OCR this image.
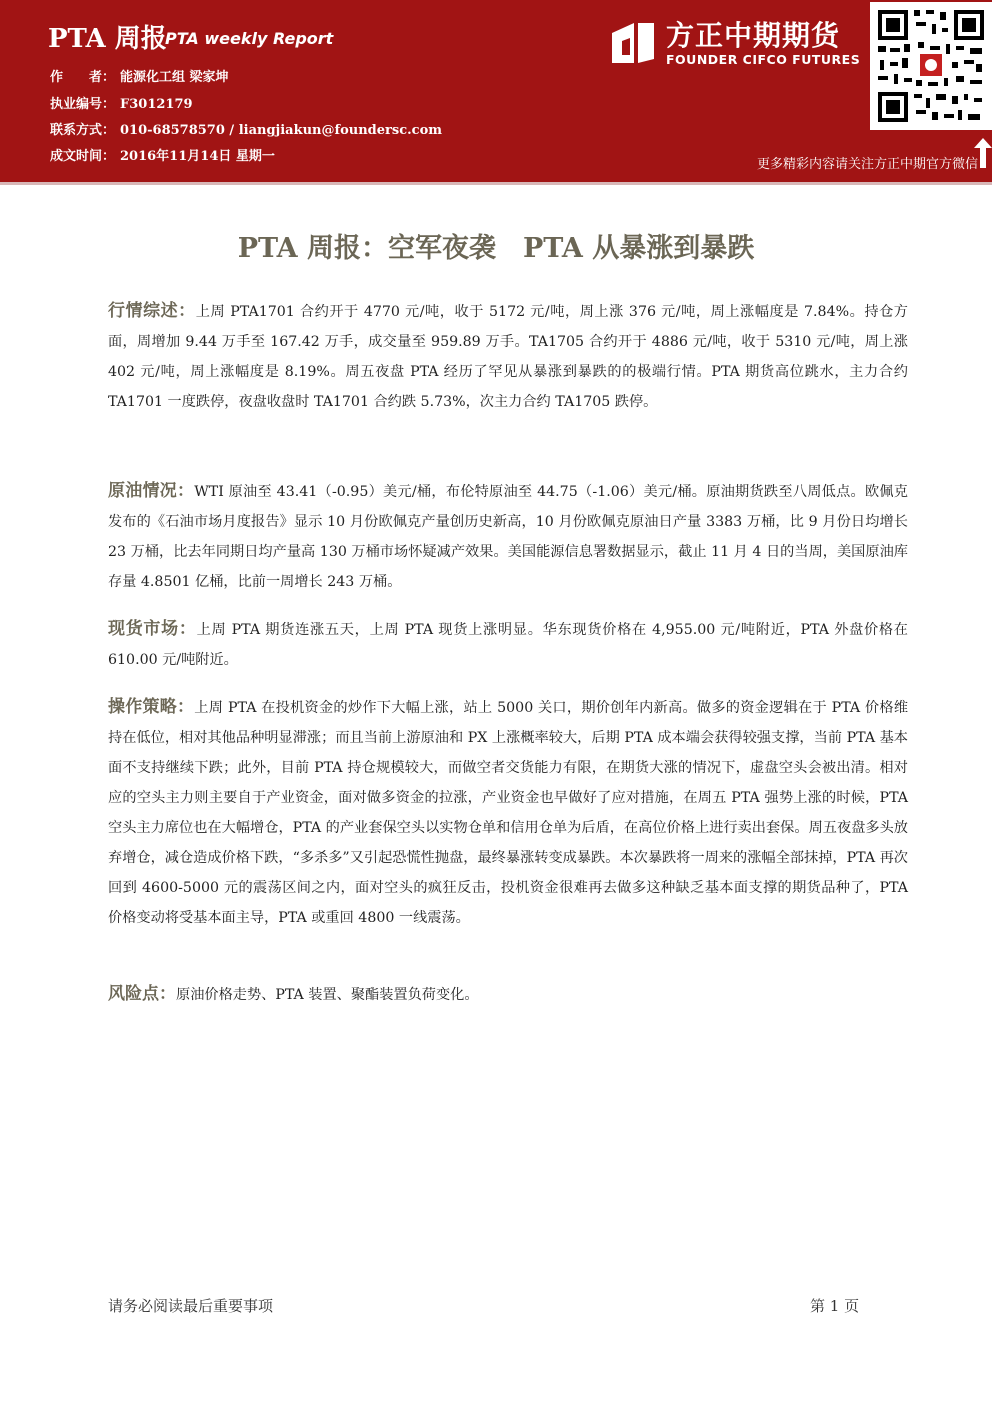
PTA 周报
PTA weekly Report
作　　者： 能源化工组 梁家坤
执业编号： F3012179
联系方式： 010-68578570 / liangjiakun@foundersc.com
成文时间： 2016年11月14日 星期一
方正中期期货
FOUNDER CIFCO FUTURES
更多精彩内容请关注方正中期官方微信
PTA 周报：空军夜袭　PTA 从暴涨到暴跌
行情综述：上周 PTA1701 合约开于 4770 元/吨，收于 5172 元/吨，周上涨 376 元/吨，周上涨幅度是 7.84%。持仓方面，周增加 9.44 万手至 167.42 万手，成交量至 959.89 万手。TA1705 合约开于 4886 元/吨，收于 5310 元/吨，周上涨 402 元/吨，周上涨幅度是 8.19%。周五夜盘 PTA 经历了罕见从暴涨到暴跌的的极端行情。PTA 期货高位跳水，主力合约 TA1701 一度跌停，夜盘收盘时 TA1701 合约跌 5.73%，次主力合约 TA1705 跌停。
原油情况：WTI 原油至 43.41（-0.95）美元/桶，布伦特原油至 44.75（-1.06）美元/桶。原油期货跌至八周低点。欧佩克发布的《石油市场月度报告》显示 10 月份欧佩克产量创历史新高，10 月份欧佩克原油日产量 3383 万桶，比 9 月份日均增长 23 万桶，比去年同期日均产量高 130 万桶市场怀疑减产效果。美国能源信息署数据显示，截止 11 月 4 日的当周，美国原油库存量 4.8501 亿桶，比前一周增长 243 万桶。
现货市场：上周 PTA 期货连涨五天，上周 PTA 现货上涨明显。华东现货价格在 4,955.00 元/吨附近，PTA 外盘价格在 610.00 元/吨附近。
操作策略：上周 PTA 在投机资金的炒作下大幅上涨，站上 5000 关口，期价创年内新高。做多的资金逻辑在于 PTA 价格维持在低位，相对其他品种明显滞涨；而且当前上游原油和 PX 上涨概率较大，后期 PTA 成本端会获得较强支撑，当前 PTA 基本面不支持继续下跌；此外，目前 PTA 持仓规模较大，而做空者交货能力有限，在期货大涨的情况下，虚盘空头会被出清。相对应的空头主力则主要自于产业资金，面对做多资金的拉涨，产业资金也早做好了应对措施，在周五 PTA 强势上涨的时候，PTA 空头主力席位也在大幅增仓，PTA 的产业套保空头以实物仓单和信用仓单为后盾，在高位价格上进行卖出套保。周五夜盘多头放弃增仓，减仓造成价格下跌，“多杀多”又引起恐慌性抛盘，最终暴涨转变成暴跌。本次暴跌将一周来的涨幅全部抹掉，PTA 再次回到 4600-5000 元的震荡区间之内，面对空头的疯狂反击，投机资金很难再去做多这种缺乏基本面支撑的期货品种了，PTA 价格变动将受基本面主导，PTA 或重回 4800 一线震荡。
风险点：原油价格走势、PTA 装置、聚酯装置负荷变化。
请务必阅读最后重要事项	第 1 页
